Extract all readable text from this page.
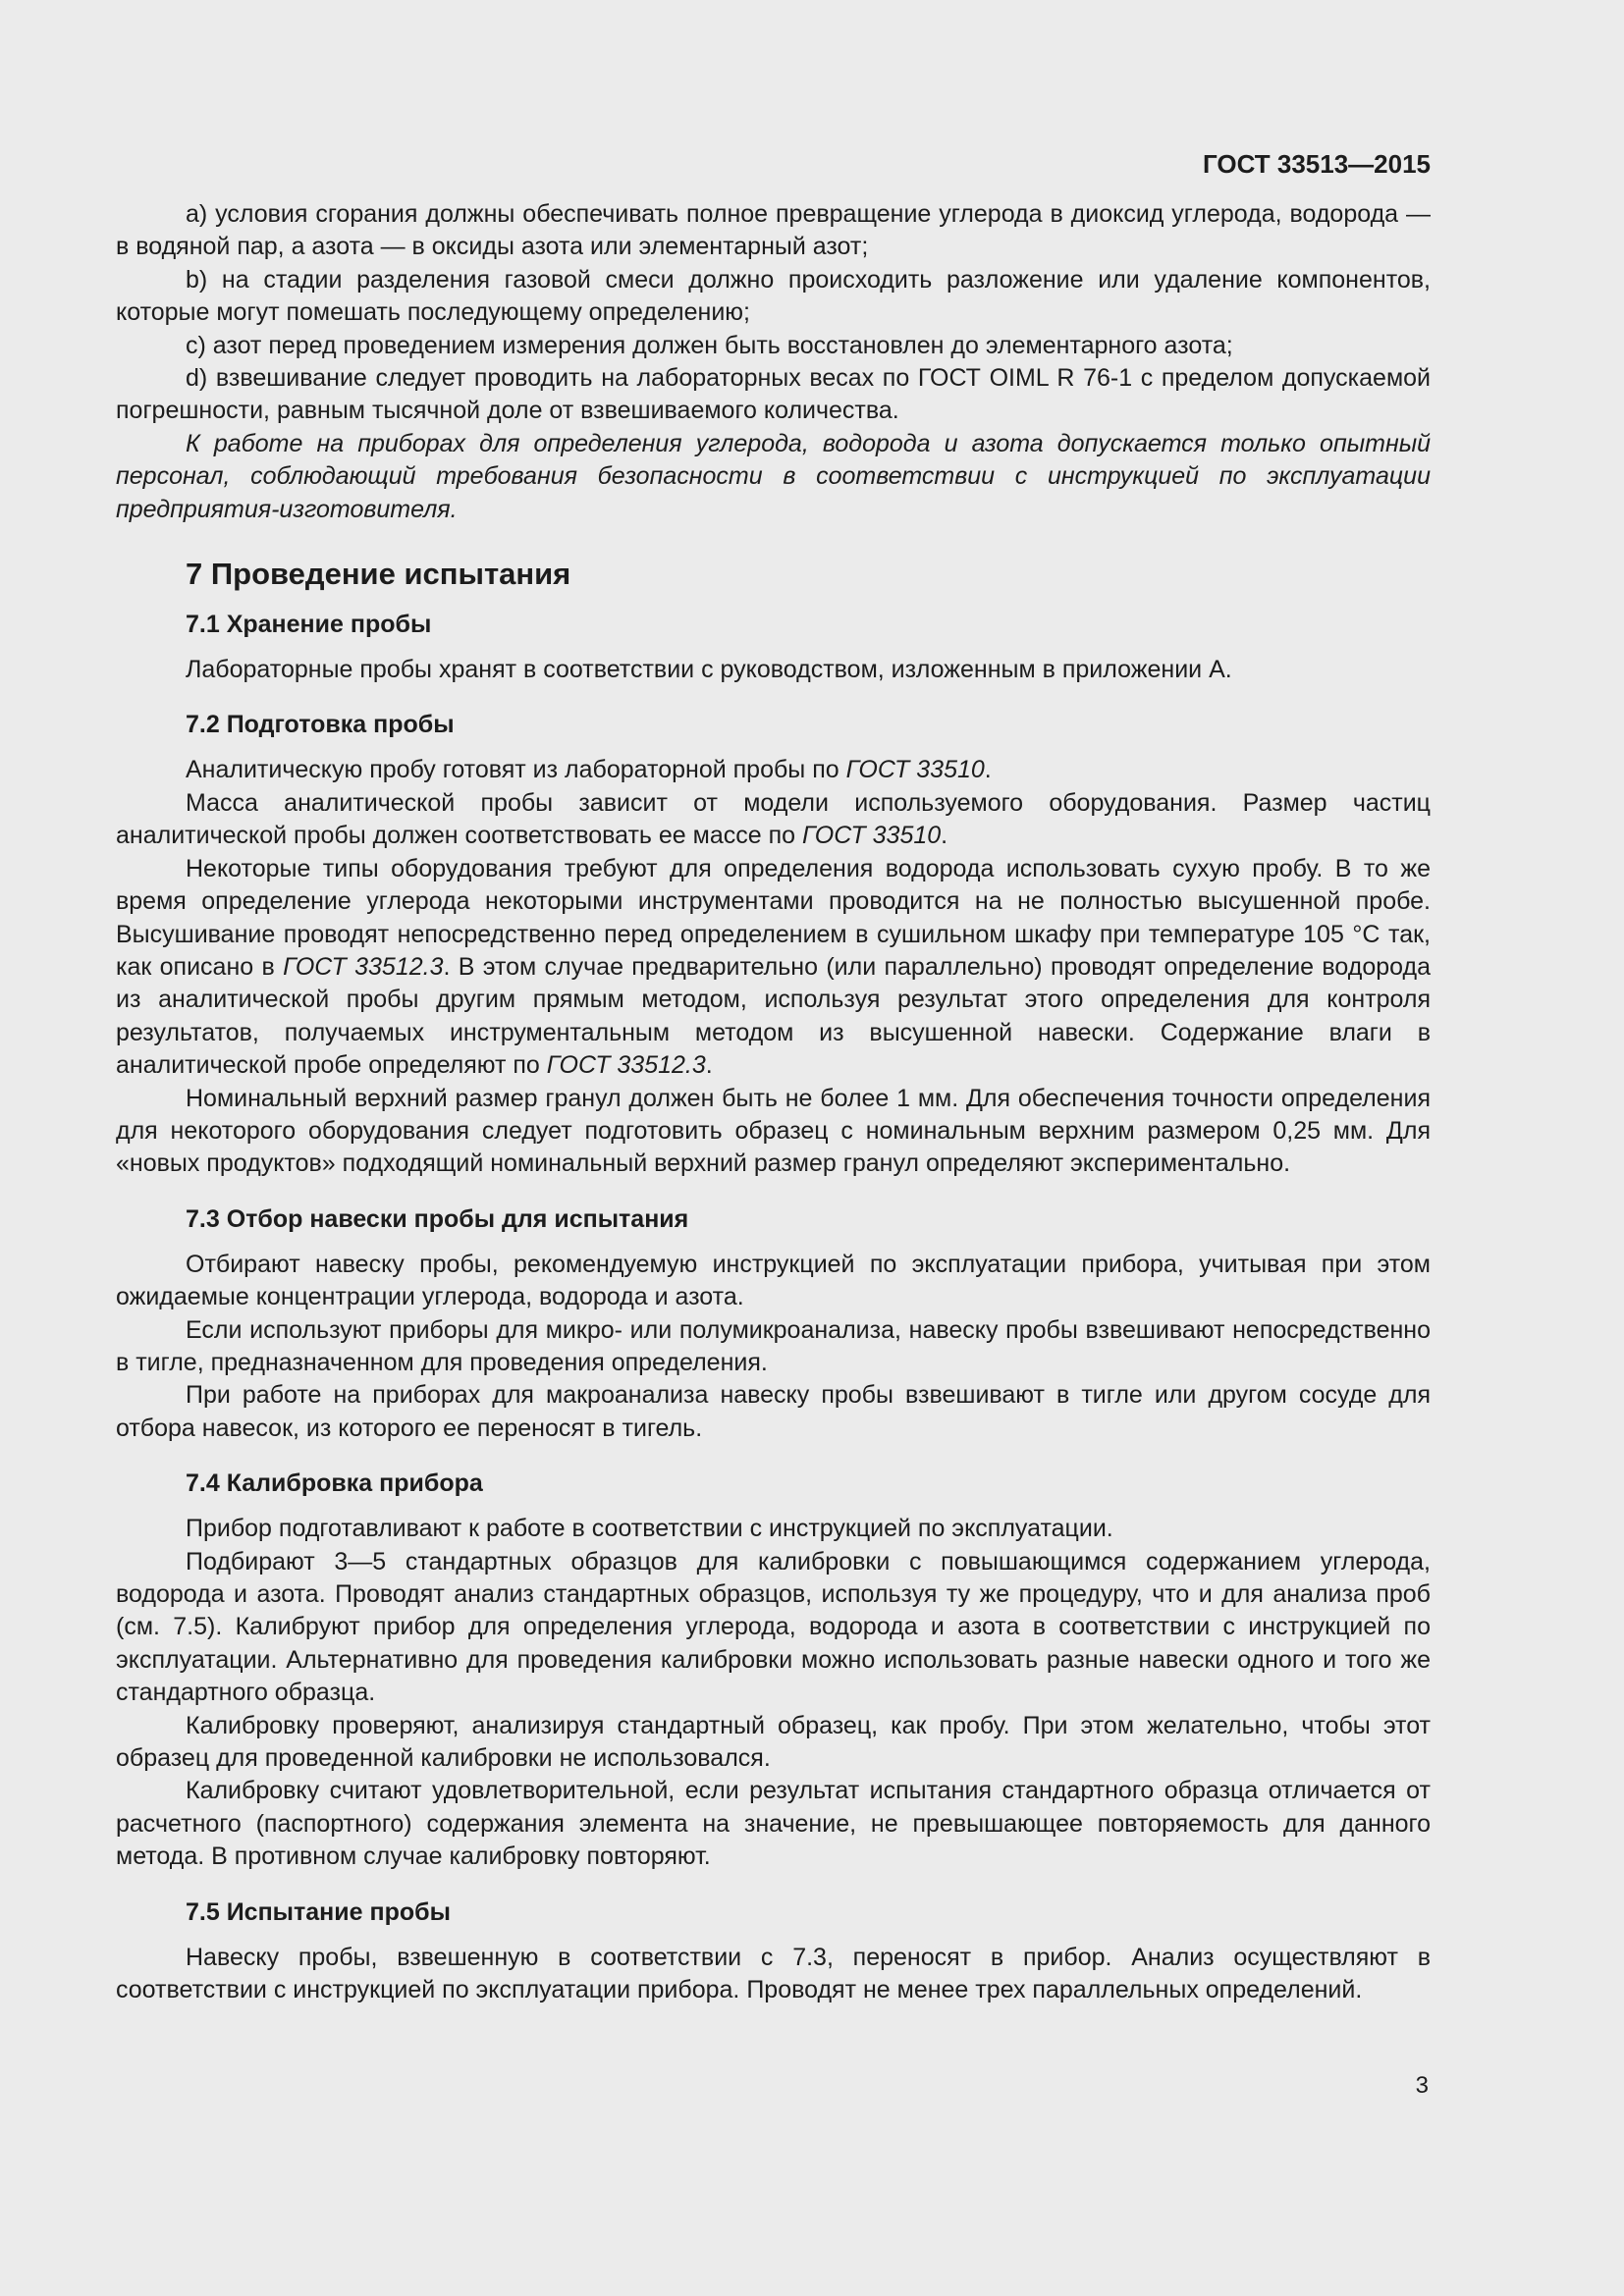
ГОСТ 33513—2015

а) условия сгорания должны обеспечивать полное превращение углерода в диоксид углерода, водорода — в водяной пар, а азота — в оксиды азота или элементарный азот;

b) на стадии разделения газовой смеси должно происходить разложение или удаление компонентов, которые могут помешать последующему определению;

с) азот перед проведением измерения должен быть восстановлен до элементарного азота;

d) взвешивание следует проводить на лабораторных весах по ГОСТ OIML R 76-1 с пределом допускаемой погрешности, равным тысячной доле от взвешиваемого количества.

К работе на приборах для определения углерода, водорода и азота допускается только опытный персонал, соблюдающий требования безопасности в соответствии с инструкцией по эксплуатации предприятия-изготовителя.

7 Проведение испытания
7.1 Хранение пробы

Лабораторные пробы хранят в соответствии с руководством, изложенным в приложении А.

7.2 Подготовка пробы

Аналитическую пробу готовят из лабораторной пробы по ГОСТ 33510.

Масса аналитической пробы зависит от модели используемого оборудования. Размер частиц аналитической пробы должен соответствовать ее массе по ГОСТ 33510.

Некоторые типы оборудования требуют для определения водорода использовать сухую пробу. В то же время определение углерода некоторыми инструментами проводится на не полностью высушенной пробе. Высушивание проводят непосредственно перед определением в сушильном шкафу при температуре 105 °С так, как описано в ГОСТ 33512.3. В этом случае предварительно (или параллельно) проводят определение водорода из аналитической пробы другим прямым методом, используя результат этого определения для контроля результатов, получаемых инструментальным методом из высушенной навески. Содержание влаги в аналитической пробе определяют по ГОСТ 33512.3.

Номинальный верхний размер гранул должен быть не более 1 мм. Для обеспечения точности определения для некоторого оборудования следует подготовить образец с номинальным верхним размером 0,25 мм. Для «новых продуктов» подходящий номинальный верхний размер гранул определяют экспериментально.

7.3 Отбор навески пробы для испытания

Отбирают навеску пробы, рекомендуемую инструкцией по эксплуатации прибора, учитывая при этом ожидаемые концентрации углерода, водорода и азота.

Если используют приборы для микро- или полумикроанализа, навеску пробы взвешивают непосредственно в тигле, предназначенном для проведения определения.

При работе на приборах для макроанализа навеску пробы взвешивают в тигле или другом сосуде для отбора навесок, из которого ее переносят в тигель.

7.4 Калибровка прибора

Прибор подготавливают к работе в соответствии с инструкцией по эксплуатации.

Подбирают 3—5 стандартных образцов для калибровки с повышающимся содержанием углерода, водорода и азота. Проводят анализ стандартных образцов, используя ту же процедуру, что и для анализа проб (см. 7.5). Калибруют прибор для определения углерода, водорода и азота в соответствии с инструкцией по эксплуатации. Альтернативно для проведения калибровки можно использовать разные навески одного и того же стандартного образца.

Калибровку проверяют, анализируя стандартный образец, как пробу. При этом желательно, чтобы этот образец для проведенной калибровки не использовался.

Калибровку считают удовлетворительной, если результат испытания стандартного образца отличается от расчетного (паспортного) содержания элемента на значение, не превышающее повторяемость для данного метода. В противном случае калибровку повторяют.

7.5 Испытание пробы

Навеску пробы, взвешенную в соответствии с 7.3, переносят в прибор. Анализ осуществляют в соответствии с инструкцией по эксплуатации прибора. Проводят не менее трех параллельных определений.

3
